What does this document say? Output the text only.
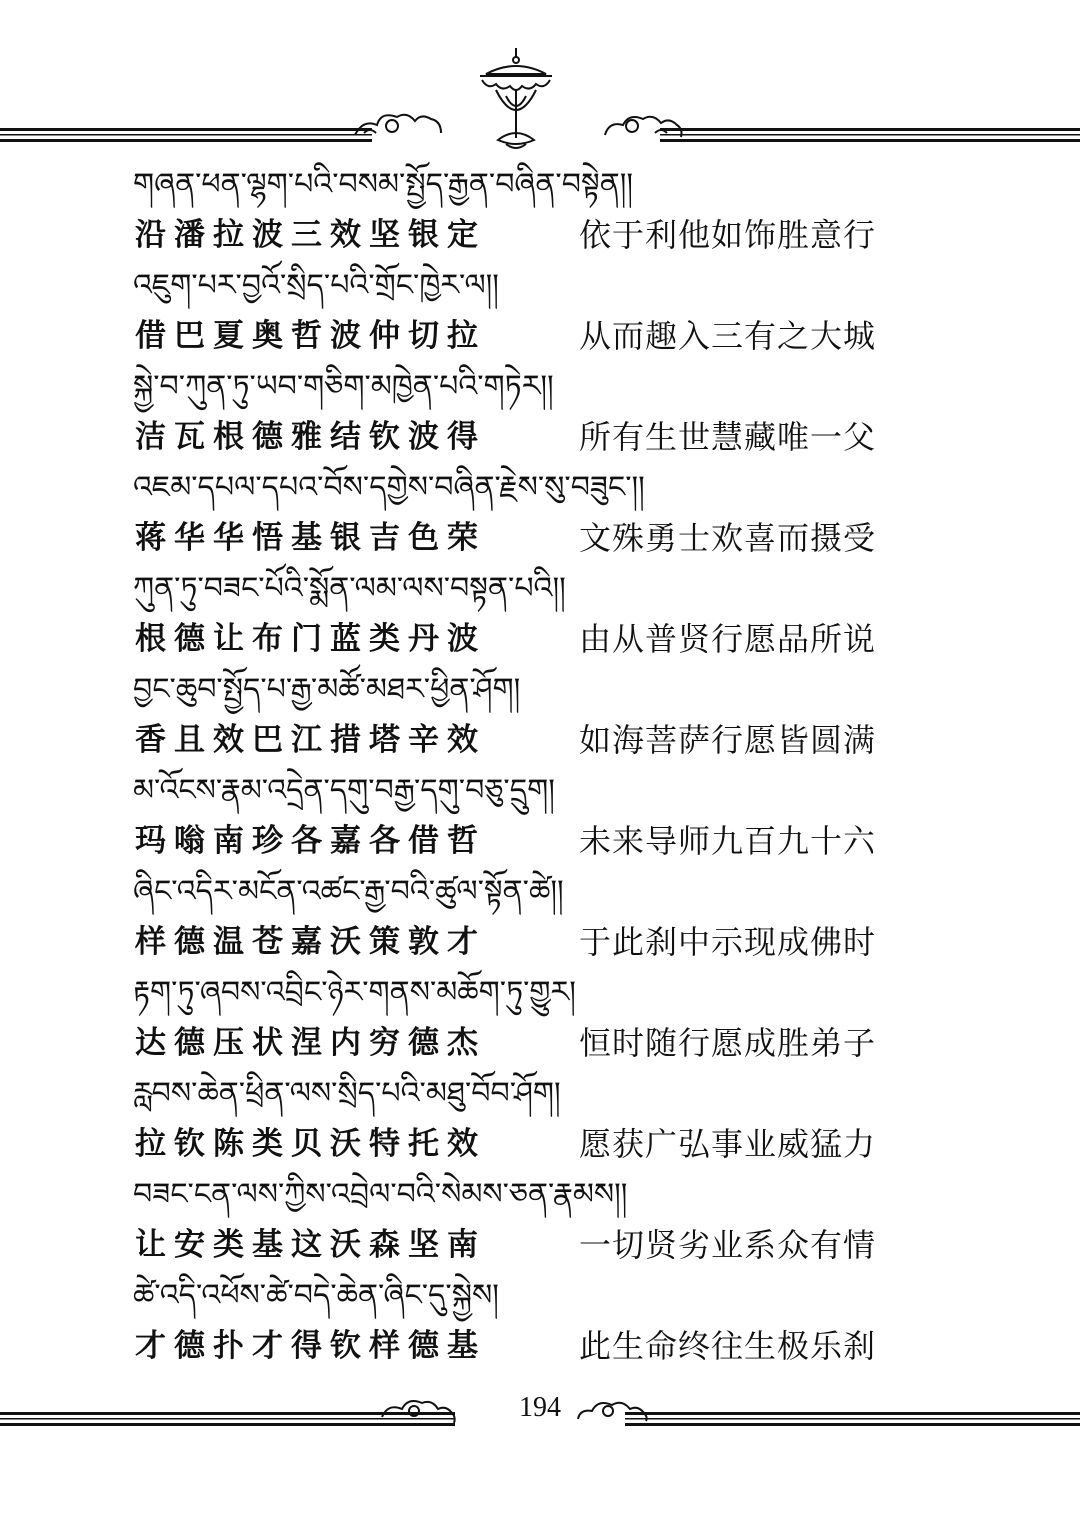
གཞན་ཕན་ལྷག་པའི་བསམ་སྤྱོད་རྒྱན་བཞིན་བསྟེན།།
沿潘拉波三效坚银定	依于利他如饰胜意行
འཇུག་པར་བྱའོ་སྲིད་པའི་གྲོང་ཁྱེར་ལ།།
借巴夏奥哲波仲切拉	从而趣入三有之大城
སྐྱེ་བ་ཀུན་ཏུ་ཡབ་གཅིག་མཁྱེན་པའི་གཏེར།།
洁瓦根德雅结钦波得	所有生世慧藏唯一父
འཇམ་དཔལ་དཔའ་བོས་དགྱེས་བཞིན་རྗེས་སུ་བཟུང་།།
蒋华华悟基银吉色荣	文殊勇士欢喜而摄受
ཀུན་ཏུ་བཟང་པོའི་སྨོན་ལམ་ལས་བསྟན་པའི།།
根德让布门蓝类丹波	由从普贤行愿品所说
བྱང་ཆུབ་སྤྱོད་པ་རྒྱ་མཚོ་མཐར་ཕྱིན་ཤོག།
香且效巴江措塔辛效	如海菩萨行愿皆圆满
མ་འོངས་རྣམ་འདྲེན་དགུ་བརྒྱ་དགུ་བཅུ་དྲུག།
玛嗡南珍各嘉各借哲	未来导师九百九十六
ཞིང་འདིར་མངོན་འཚང་རྒྱ་བའི་ཚུལ་སྟོན་ཚེ།།
样德温苍嘉沃策敦才	于此刹中示现成佛时
རྟག་ཏུ་ཞབས་འབྲིང་ཉེར་གནས་མཆོག་ཏུ་གྱུར།
达德压状涅内穷德杰	恒时随行愿成胜弟子
རླབས་ཆེན་ཕྲིན་ལས་སྲིད་པའི་མཐུ་བོབ་ཤོག།
拉钦陈类贝沃特托效	愿获广弘事业威猛力
བཟང་ངན་ལས་ཀྱིས་འབྲེལ་བའི་སེམས་ཅན་རྣམས།།
让安类基这沃森坚南	一切贤劣业系众有情
ཚེ་འདི་འཕོས་ཚེ་བདེ་ཆེན་ཞིང་དུ་སྐྱེས།
才德扑才得钦样德基	此生命终往生极乐刹
194
